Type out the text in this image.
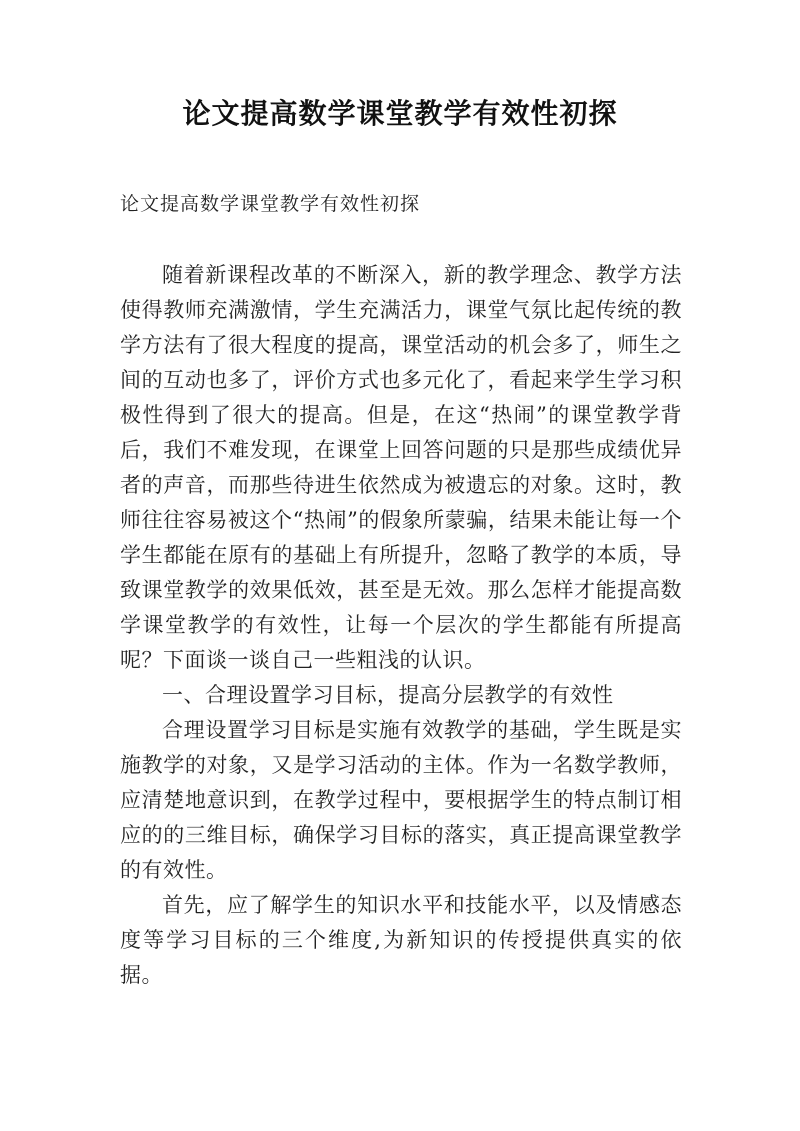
论文提高数学课堂教学有效性初探
论文提高数学课堂教学有效性初探

随着新课程改革的不断深入，新的教学理念、教学方法使得教师充满激情，学生充满活力，课堂气氛比起传统的教学方法有了很大程度的提高，课堂活动的机会多了，师生之间的互动也多了，评价方式也多元化了，看起来学生学习积极性得到了很大的提高。但是，在这“热闹”的课堂教学背后，我们不难发现，在课堂上回答问题的只是那些成绩优异者的声音，而那些待进生依然成为被遗忘的对象。这时，教师往往容易被这个“热闹”的假象所蒙骗，结果未能让每一个学生都能在原有的基础上有所提升，忽略了教学的本质，导致课堂教学的效果低效，甚至是无效。那么怎样才能提高数学课堂教学的有效性，让每一个层次的学生都能有所提高呢？下面谈一谈自己一些粗浅的认识。

一、合理设置学习目标，提高分层教学的有效性

合理设置学习目标是实施有效教学的基础，学生既是实施教学的对象，又是学习活动的主体。作为一名数学教师，应清楚地意识到，在教学过程中，要根据学生的特点制订相应的的三维目标，确保学习目标的落实，真正提高课堂教学的有效性。

首先，应了解学生的知识水平和技能水平，以及情感态度等学习目标的三个维度,为新知识的传授提供真实的依据。
